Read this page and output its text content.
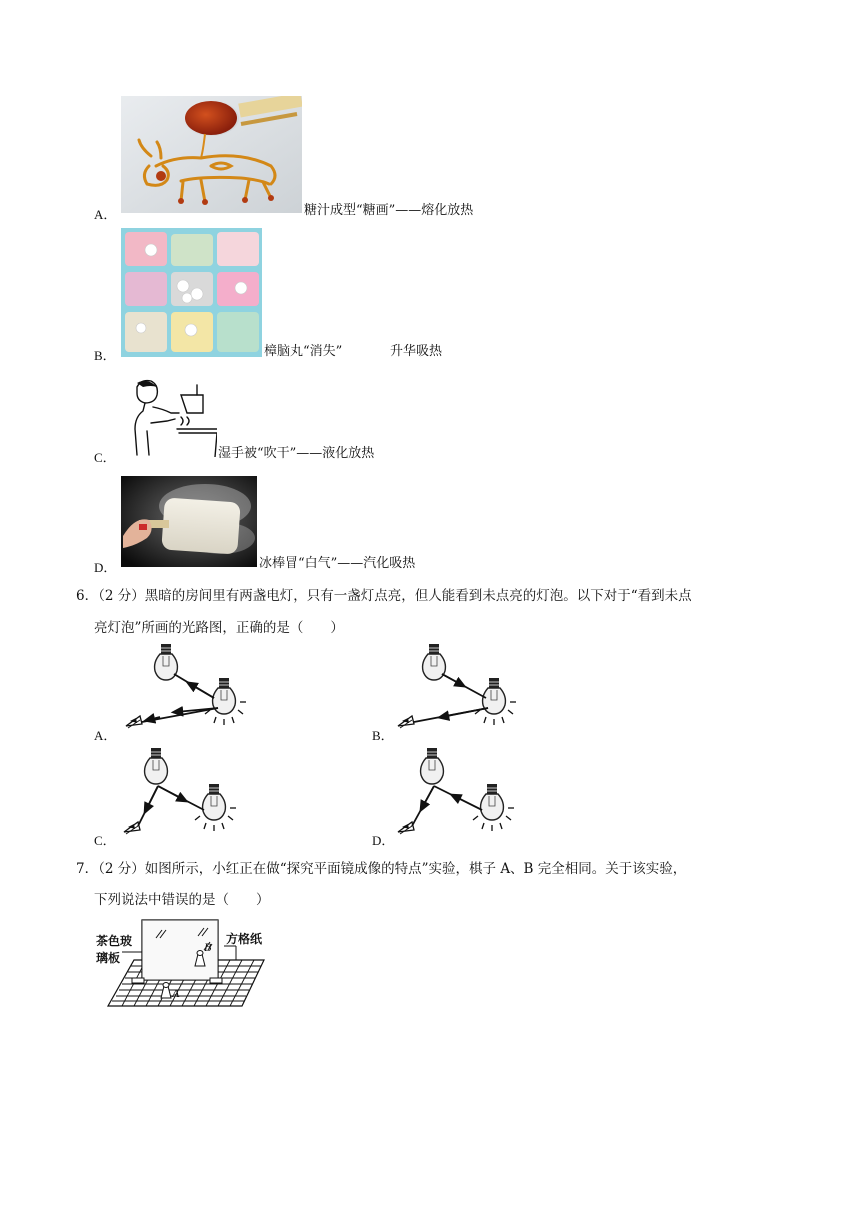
A．	糖汁成型“糖画”——熔化放热
B．	樟脑丸“消失”	升华吸热
C．	湿手被“吹干”——液化放热
D．	冰棒冒“白气”——汽化吸热
6．（2 分）黑暗的房间里有两盏电灯，只有一盏灯点亮，但人能看到未点亮的灯泡。以下对于“看到未点
亮灯泡”所画的光路图，正确的是（　　）
A．	B．
C．	D．
7．（2 分）如图所示，小红正在做“探究平面镜成像的特点”实验，棋子 A、B 完全相同。关于该实验，
下列说法中错误的是（　　）
茶色玻
璃板
方格纸
B
A
